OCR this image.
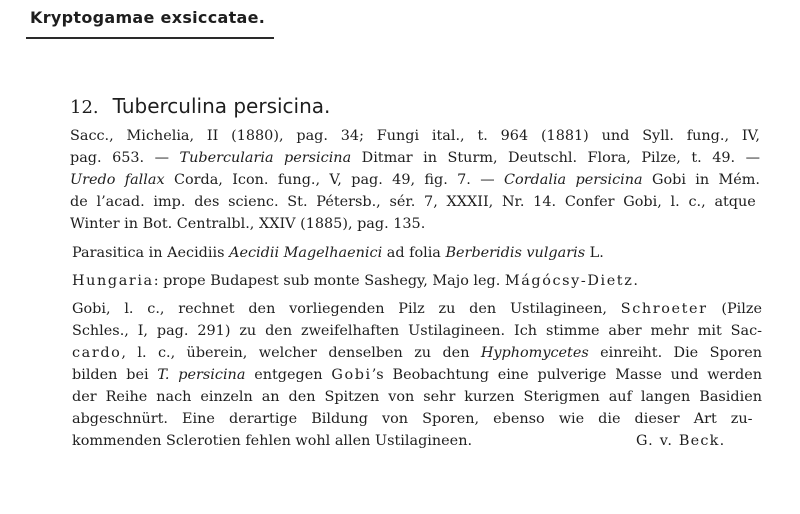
Kryptogamae exsiccatae.
12. Tuberculina persicina.
Sacc., Michelia, II (1880), pag. 34; Fungi ital., t. 964 (1881) und Syll. fung., IV,
pag. 653. — Tubercularia persicina Ditmar in Sturm, Deutschl. Flora, Pilze, t. 49. —
Uredo fallax Corda, Icon. fung., V, pag. 49, fig. 7. — Cordalia persicina Gobi in Mém.
de l’acad. imp. des scienc. St. Pétersb., sér. 7, XXXII, Nr. 14. Confer Gobi, l. c., atque
Winter in Bot. Centralbl., XXIV (1885), pag. 135.
Parasitica in Aecidiis Aecidii Magelhaenici ad folia Berberidis vulgaris L.
Hungaria: prope Budapest sub monte Sashegy, Majo leg. Mágócsy-Dietz.
Gobi, l. c., rechnet den vorliegenden Pilz zu den Ustilagineen, Schroeter (Pilze
Schles., I, pag. 291) zu den zweifelhaften Ustilagineen. Ich stimme aber mehr mit Sac-
cardo, l. c., überein, welcher denselben zu den Hyphomycetes einreiht. Die Sporen
bilden bei T. persicina entgegen Gobi’s Beobachtung eine pulverige Masse und werden
der Reihe nach einzeln an den Spitzen von sehr kurzen Sterigmen auf langen Basidien
abgeschnürt. Eine derartige Bildung von Sporen, ebenso wie die dieser Art zu-
kommenden Sclerotien fehlen wohl allen Ustilagineen.	G. v. Beck.
